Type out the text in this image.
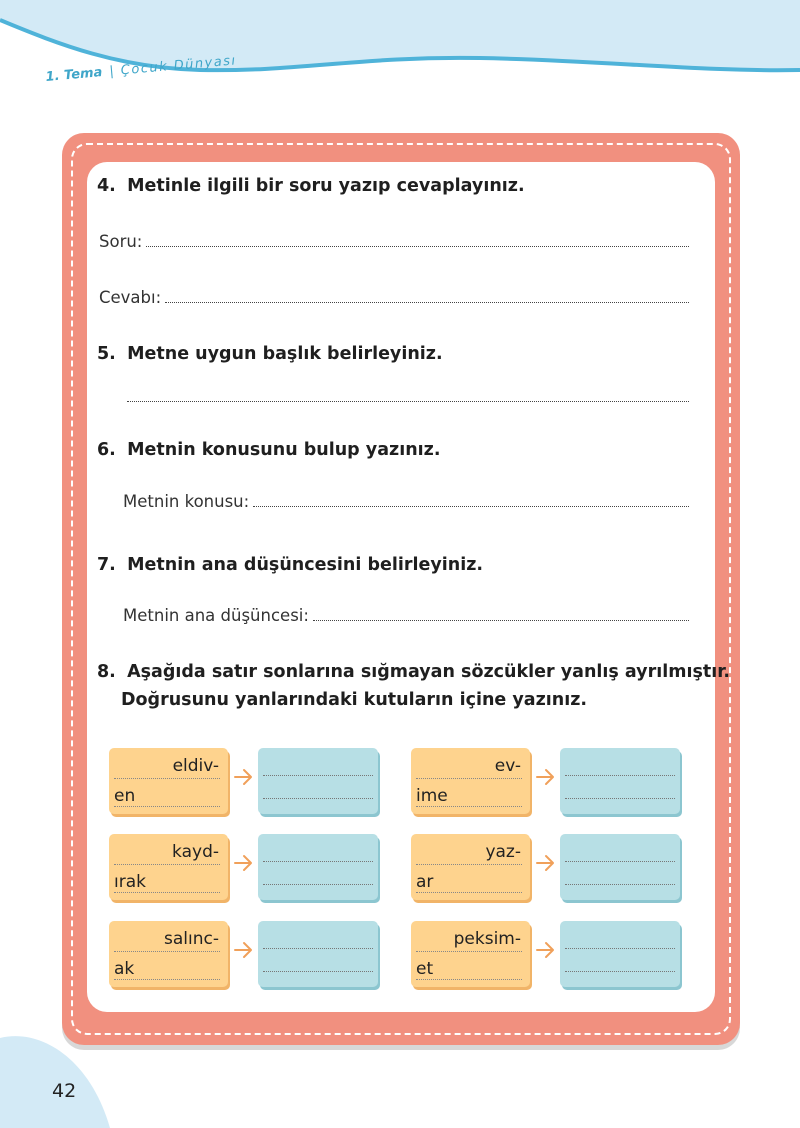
1. Tema | Çocuk Dünyası
42
4. Metinle ilgili bir soru yazıp cevaplayınız.
Soru:
Cevabı:
5. Metne uygun başlık belirleyiniz.
6. Metnin konusunu bulup yazınız.
Metnin konusu:
7. Metnin ana düşüncesini belirleyiniz.
Metnin ana düşüncesi:
8. Aşağıda satır sonlarına sığmayan sözcükler yanlış ayrılmıştır.
Doğrusunu yanlarındaki kutuların içine yazınız.
eldiv-
en
ev-
ime
kayd-
ırak
yaz-
ar
salınc-
ak
peksim-
et
